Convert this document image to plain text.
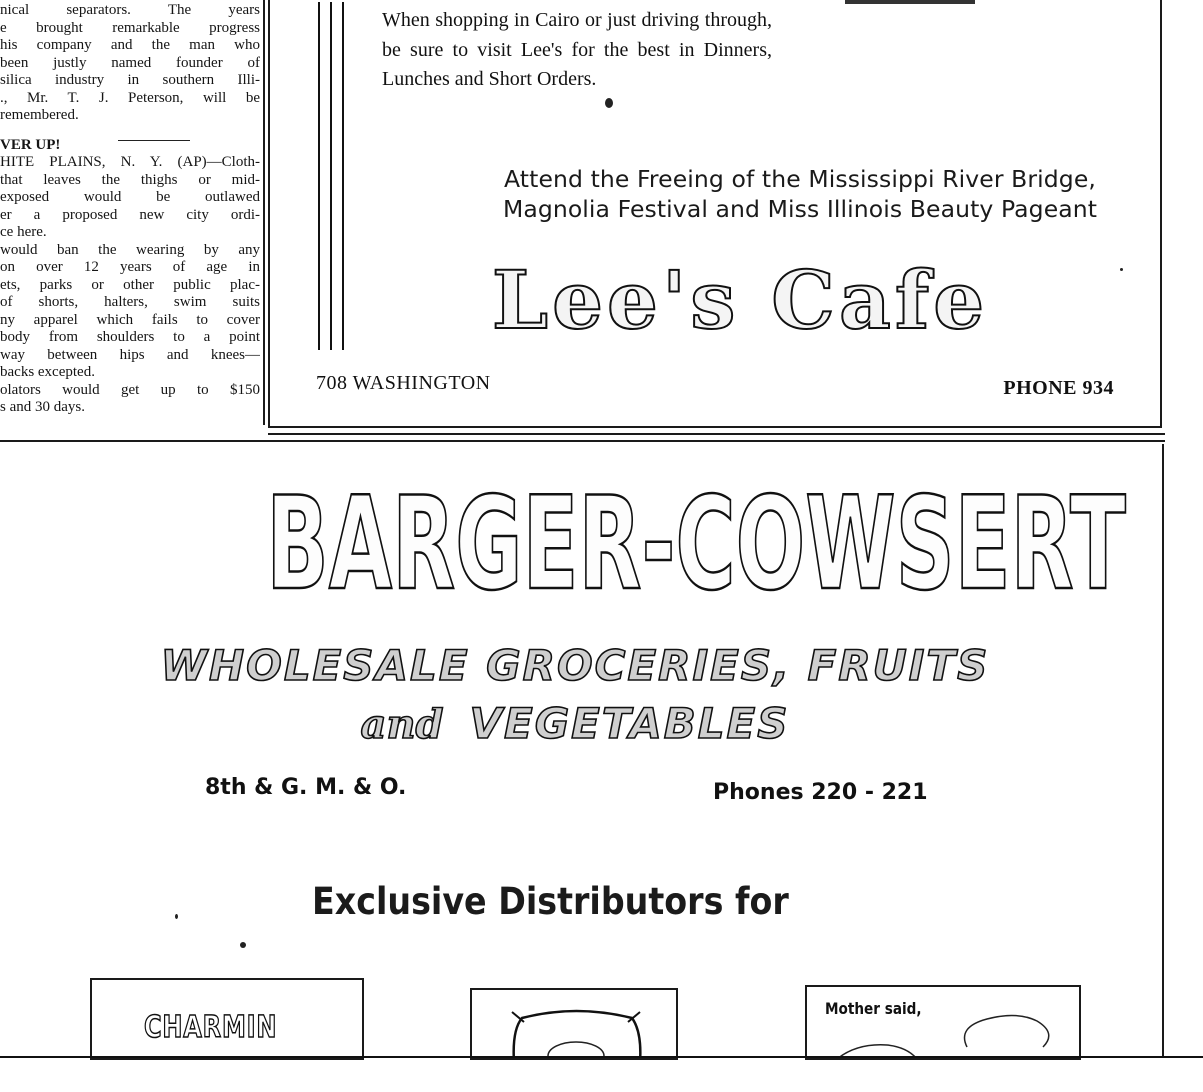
nical separators. The years
e brought remarkable progress
his company and the man who
been justly named founder of
silica industry in southern Illi-
., Mr. T. J. Peterson, will be
remembered.
VER UP!
HITE PLAINS, N. Y. (AP)—Cloth-
that leaves the thighs or mid-
exposed would be outlawed
er a proposed new city ordi-
ce here.
would ban the wearing by any
on over 12 years of age in
ets, parks or other public plac-
of shorts, halters, swim suits
ny apparel which fails to cover
body from shoulders to a point
way between hips and knees—
backs excepted.
olators would get up to $150
s and 30 days.
When shopping in Cairo or just driving through, be sure to visit Lee's for the best in Dinners, Lunches and Short Orders.
Attend the Freeing of the Mississippi River Bridge,
Magnolia Festival and Miss Illinois Beauty Pageant
Lee's Cafe
708 WASHINGTON	PHONE 934
BARGER-COWSERT
WHOLESALE GROCERIES, FRUITS
and VEGETABLES
8th & G. M. & O.	Phones 220 - 221
Exclusive Distributors for
CHARMIN
Mother said,
